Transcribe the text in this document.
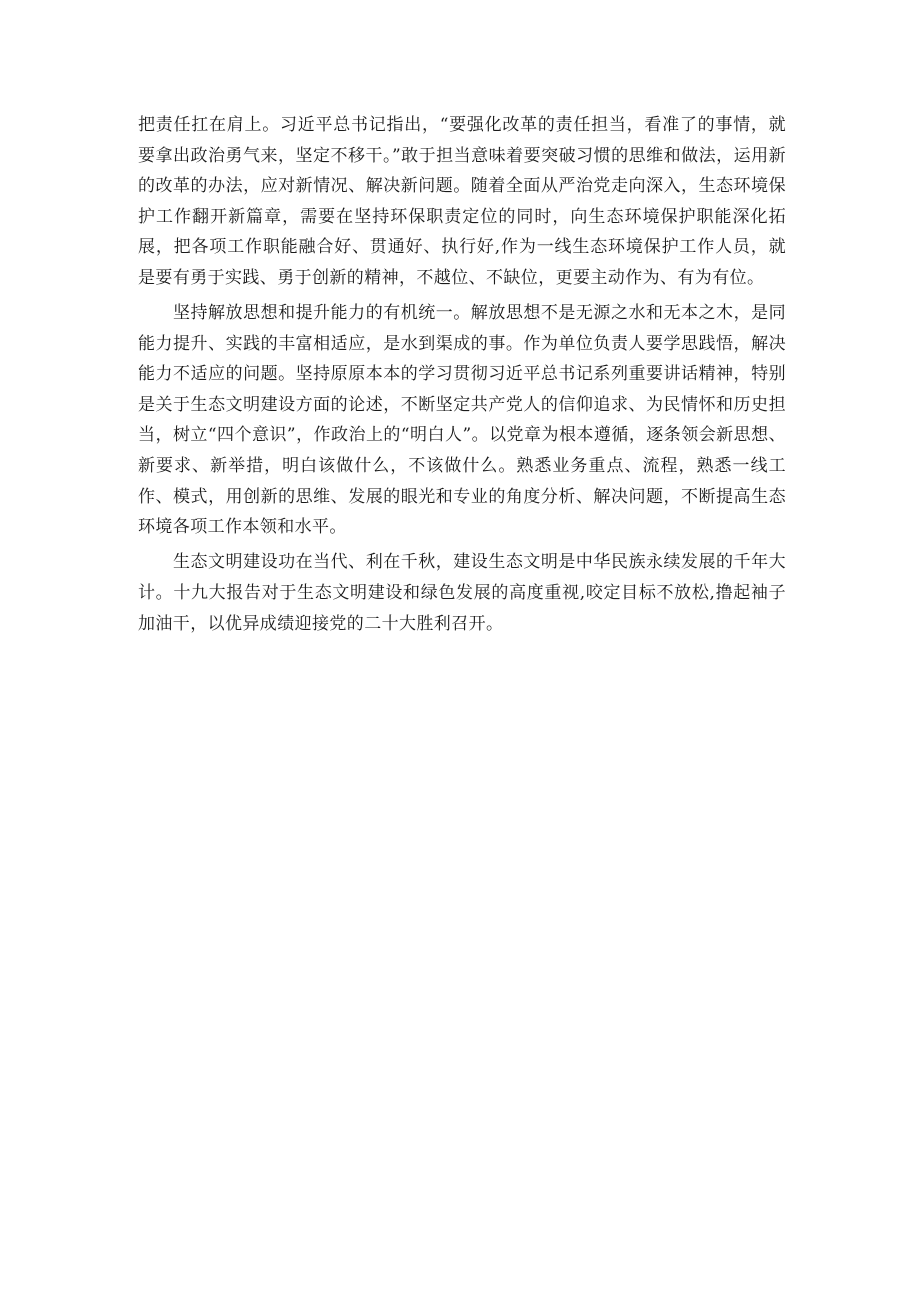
把责任扛在肩上。习近平总书记指出，“要强化改革的责任担当，看准了的事情，就要拿出政治勇气来，坚定不移干。”敢于担当意味着要突破习惯的思维和做法，运用新的改革的办法，应对新情况、解决新问题。随着全面从严治党走向深入，生态环境保护工作翻开新篇章，需要在坚持环保职责定位的同时，向生态环境保护职能深化拓展，把各项工作职能融合好、贯通好、执行好,作为一线生态环境保护工作人员，就是要有勇于实践、勇于创新的精神，不越位、不缺位，更要主动作为、有为有位。

坚持解放思想和提升能力的有机统一。解放思想不是无源之水和无本之木，是同能力提升、实践的丰富相适应，是水到渠成的事。作为单位负责人要学思践悟，解决能力不适应的问题。坚持原原本本的学习贯彻习近平总书记系列重要讲话精神，特别是关于生态文明建设方面的论述，不断坚定共产党人的信仰追求、为民情怀和历史担当，树立“四个意识”，作政治上的“明白人”。以党章为根本遵循，逐条领会新思想、新要求、新举措，明白该做什么，不该做什么。熟悉业务重点、流程，熟悉一线工作、模式，用创新的思维、发展的眼光和专业的角度分析、解决问题，不断提高生态环境各项工作本领和水平。

生态文明建设功在当代、利在千秋，建设生态文明是中华民族永续发展的千年大计。十九大报告对于生态文明建设和绿色发展的高度重视,咬定目标不放松,撸起袖子加油干，以优异成绩迎接党的二十大胜利召开。
